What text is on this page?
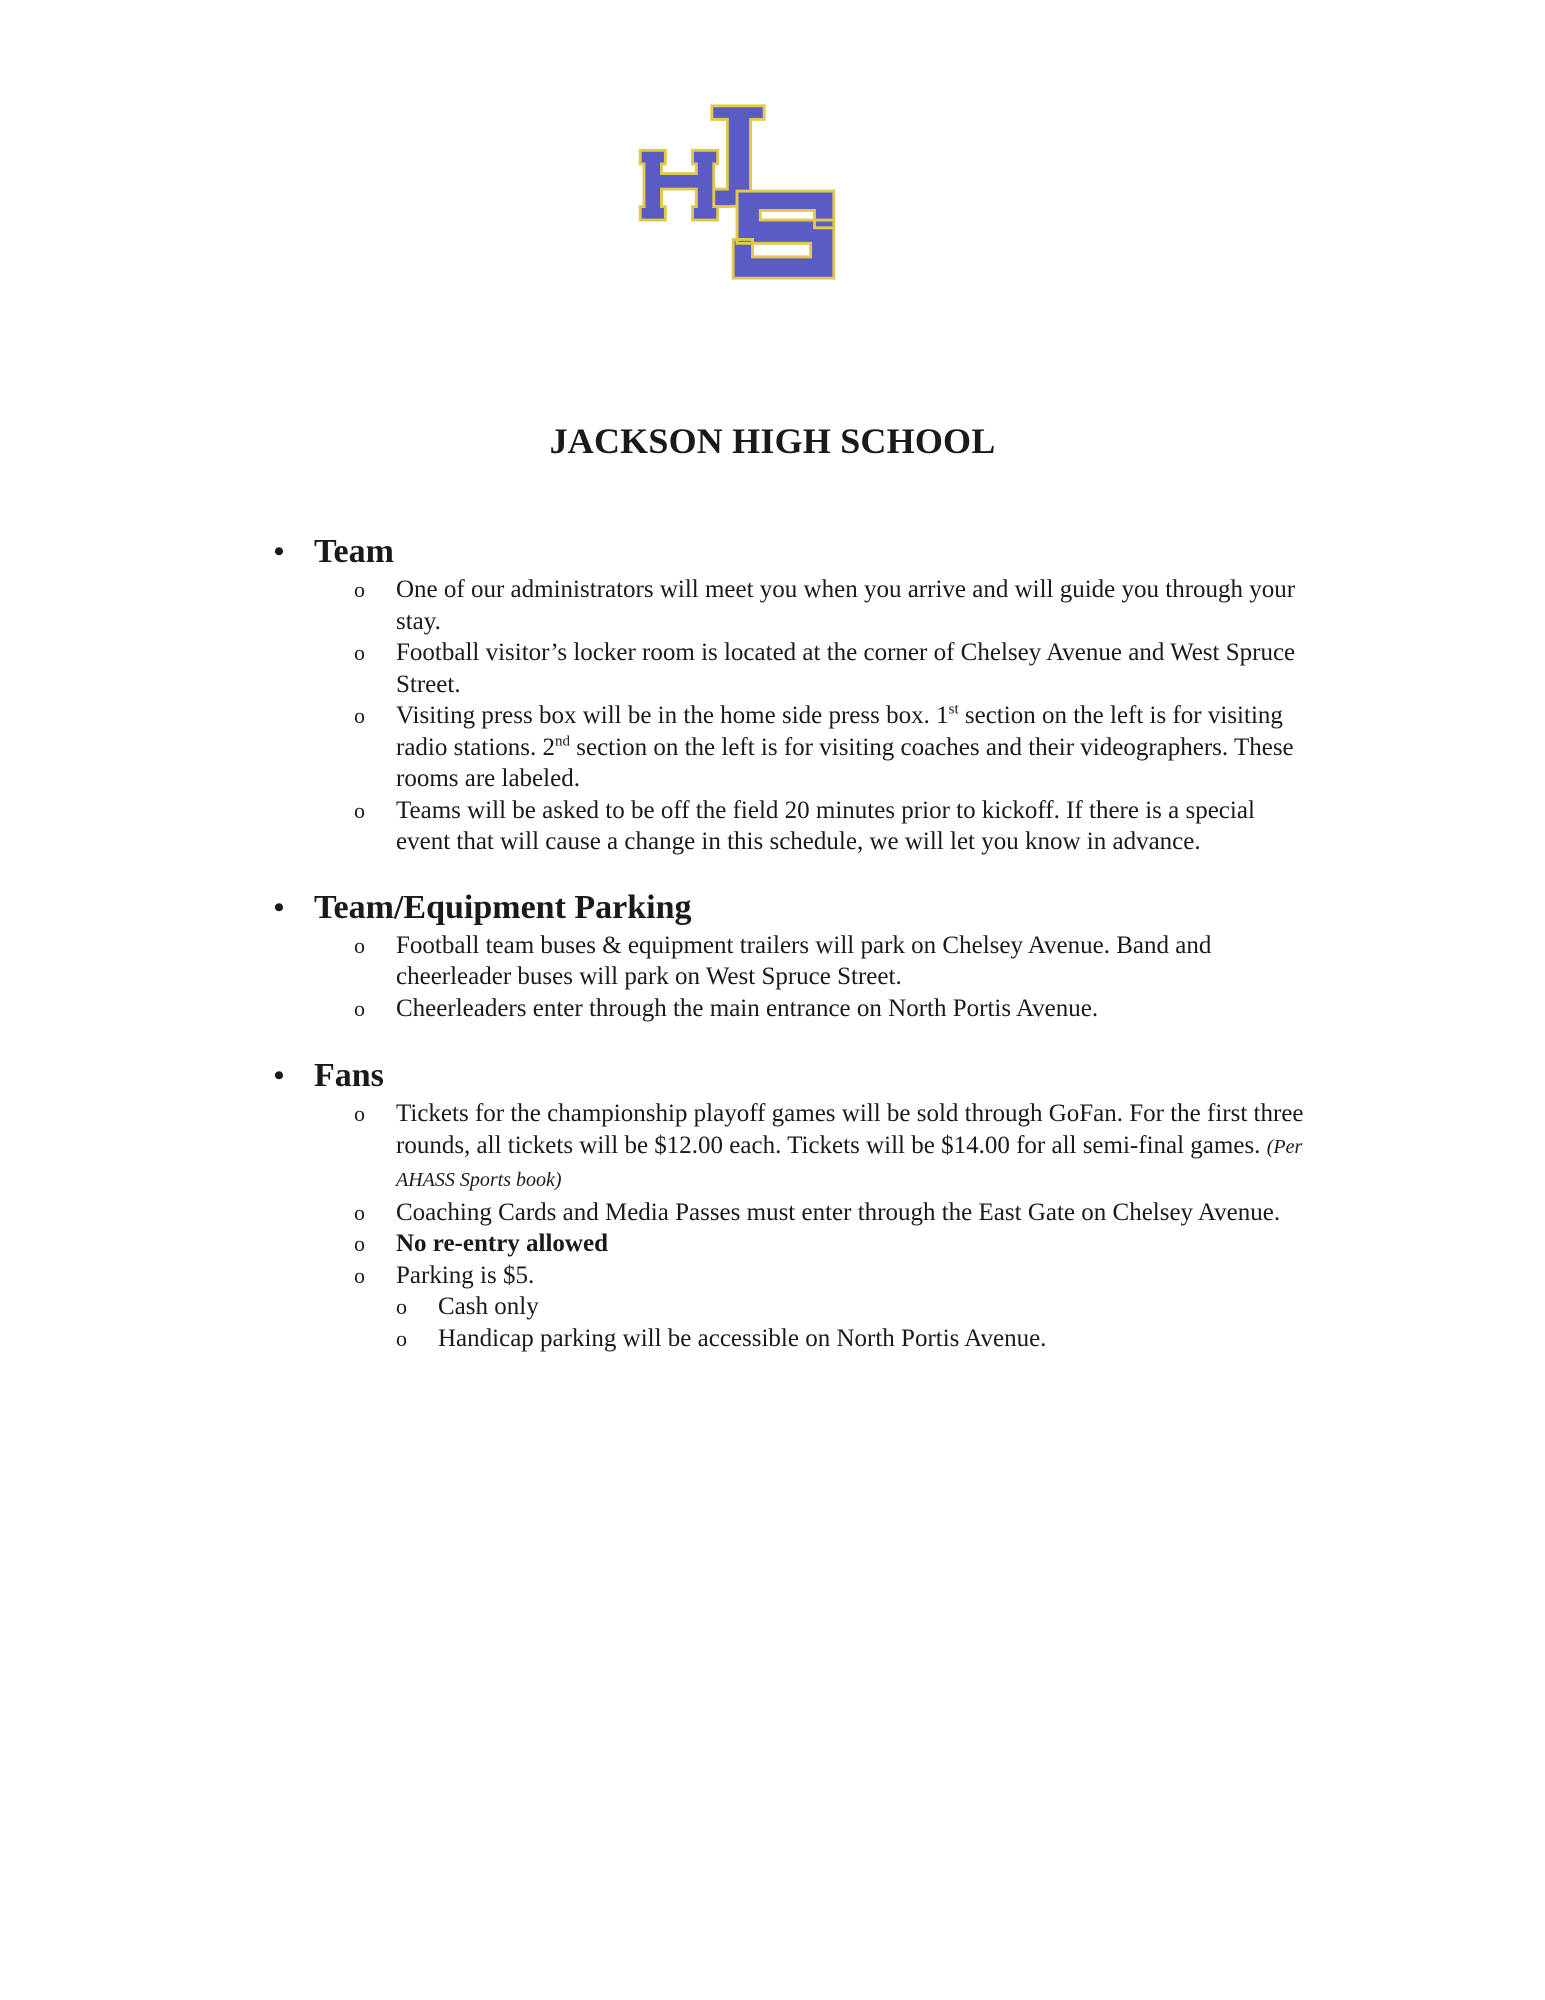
JACKSON HIGH SCHOOL
• Team
o One of our administrators will meet you when you arrive and will guide you through your stay.
o Football visitor’s locker room is located at the corner of Chelsey Avenue and West Spruce Street.
o Visiting press box will be in the home side press box. 1st section on the left is for visiting radio stations. 2nd section on the left is for visiting coaches and their videographers. These rooms are labeled.
o Teams will be asked to be off the field 20 minutes prior to kickoff. If there is a special event that will cause a change in this schedule, we will let you know in advance.
• Team/Equipment Parking
o Football team buses & equipment trailers will park on Chelsey Avenue. Band and cheerleader buses will park on West Spruce Street.
o Cheerleaders enter through the main entrance on North Portis Avenue.
• Fans
o Tickets for the championship playoff games will be sold through GoFan. For the first three rounds, all tickets will be $12.00 each. Tickets will be $14.00 for all semi-final games. (Per AHASS Sports book)
o Coaching Cards and Media Passes must enter through the East Gate on Chelsey Avenue.
o No re-entry allowed
o Parking is $5.
o Cash only
o Handicap parking will be accessible on North Portis Avenue.
